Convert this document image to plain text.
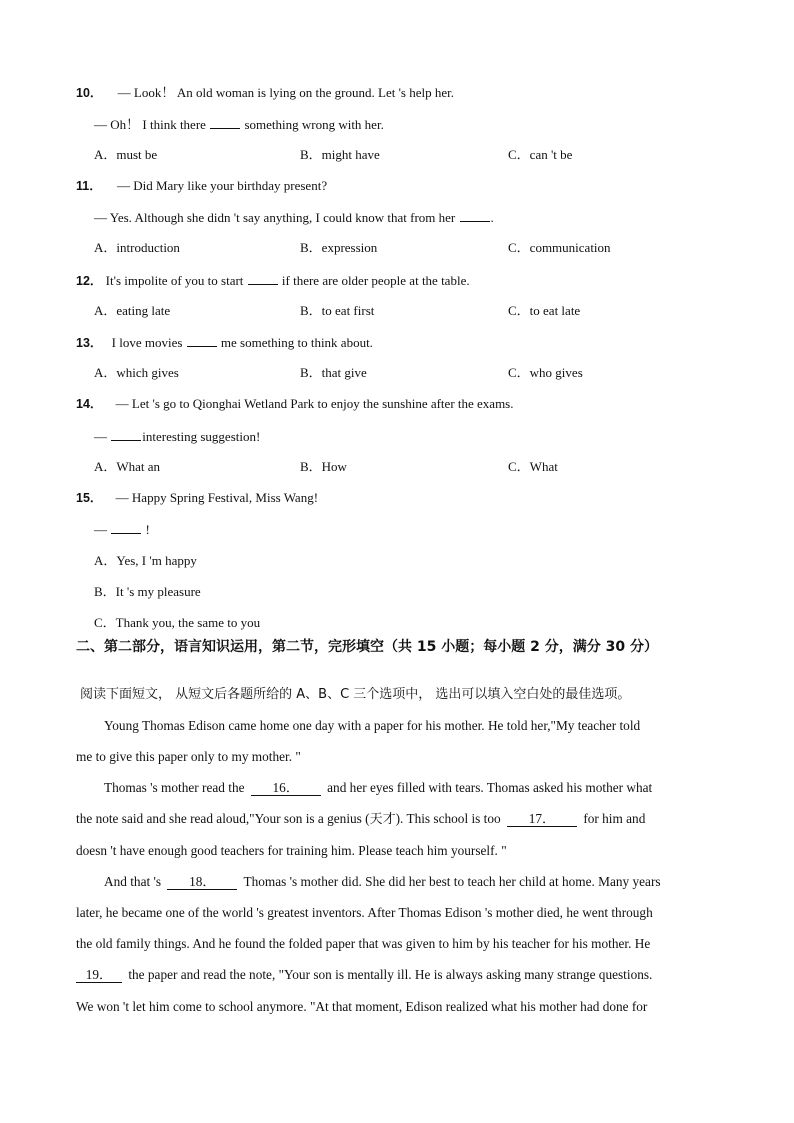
10． — Look！ An old woman is lying on the ground. Let 's help her.
— Oh！ I think there	something wrong with her.
A．must be	B．might have	C．can 't be
11． — Did Mary like your birthday present?
— Yes. Although she didn 't say anything, I could know that from her	.
A．introduction	B．expression	C．communication
12． It's impolite of you to start	if there are older people at the table.
A．eating late	B．to eat first	C．to eat late
13． I love movies	me something to think about.
A．which gives	B．that give	C．who gives
14． — Let 's go to Qionghai Wetland Park to enjoy the sunshine after the exams.
—	interesting suggestion!
A．What an	B．How	C．What
15． — Happy Spring Festival, Miss Wang!
—	!
A．Yes, I 'm happy
B．It 's my pleasure
C．Thank you, the same to you
二、第二部分，语言知识运用，第二节，完形填空（共 15 小题；每小题 2 分，满分 30 分）
阅读下面短文， 从短文后各题所给的 A、B、C 三个选项中， 选出可以填入空白处的最佳选项。
Young Thomas Edison came home one day with a paper for his mother. He told her,"My teacher told
me to give this paper only to my mother. "
Thomas 's mother read the 16． and her eyes filled with tears. Thomas asked his mother what
the note said and she read aloud,"Your son is a genius (天才). This school is too 17． for him and
doesn 't have enough good teachers for training him. Please teach him yourself. "
And that 's 18． Thomas 's mother did. She did her best to teach her child at home. Many years
later, he became one of the world 's greatest inventors. After Thomas Edison 's mother died, he went through
the old family things. And he found the folded paper that was given to him by his teacher for his mother. He
19． the paper and read the note, "Your son is mentally ill. He is always asking many strange questions.
We won 't let him come to school anymore. "At that moment, Edison realized what his mother had done for
